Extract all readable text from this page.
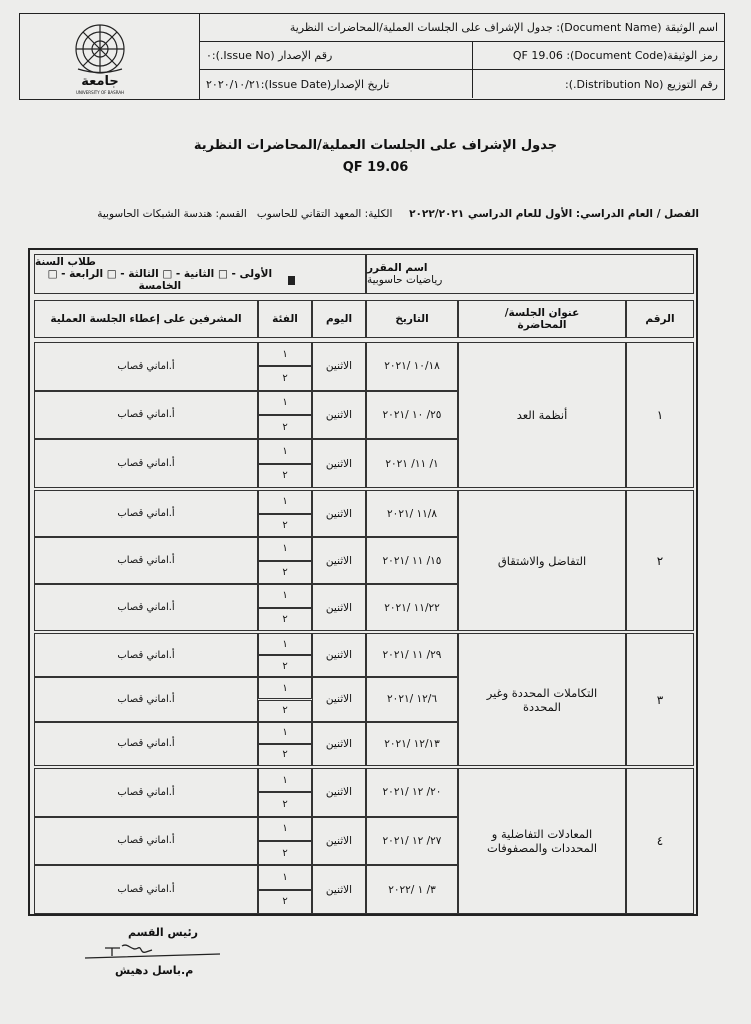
جامعة
UNIVERSITY OF BASRAH
اسم الوثيقة (Document Name): جدول الإشراف على الجلسات العملية/المحاضرات النظرية
رمز الوثيقة(Document Code): QF 19.06
رقم الإصدار (Issue No.):٠
رقم التوزيع (Distribution No.):
تاريخ الإصدار(Issue Date):٢٠٢٠/١٠/٢١
جدول الإشراف على الجلسات العملية/المحاضرات النظرية
QF 19.06
الفصل / العام الدراسي: الأول للعام الدراسي ٢٠٢٢/٢٠٢١     الكلية: المعهد التقاني للحاسوب   القسم: هندسة الشبكات الحاسوبية
اسم المقرر
رياضيات حاسوبية
طلاب السنة
الأولى - □ الثانية - □ الثالثة - □ الرابعة - □ الخامسة
الرقم
عنوان الجلسة/المحاضرة
التاريخ
اليوم
الفئة
المشرفين على إعطاء الجلسة العملية
١
أنظمة العد
١٠/١٨ /٢٠٢١
الاثنين
١
٢
أ.اماني قصاب
٢٥/ ١٠ /٢٠٢١
الاثنين
١
٢
أ.اماني قصاب
١/ ١١/ ٢٠٢١
الاثنين
١
٢
أ.اماني قصاب
٢
التفاضل والاشتقاق
١١/٨ /٢٠٢١
الاثنين
١
٢
أ.اماني قصاب
١٥/ ١١ /٢٠٢١
الاثنين
١
٢
أ.اماني قصاب
١١/٢٢ /٢٠٢١
الاثنين
١
٢
أ.اماني قصاب
٣
التكاملات المحددة وغير المحددة
٢٩/ ١١ /٢٠٢١
الاثنين
١
٢
أ.اماني قصاب
١٢/٦ /٢٠٢١
الاثنين
١
٢
أ.اماني قصاب
١٢/١٣ /٢٠٢١
الاثنين
١
٢
أ.اماني قصاب
٤
المعادلات التفاضلية و المحددات والمصفوفات
٢٠/ ١٢ /٢٠٢١
الاثنين
١
٢
أ.اماني قصاب
٢٧/ ١٢ /٢٠٢١
الاثنين
١
٢
أ.اماني قصاب
٣/ ١ /٢٠٢٢
الاثنين
١
٢
أ.اماني قصاب
رئيس القسم
م.باسل دهيش
